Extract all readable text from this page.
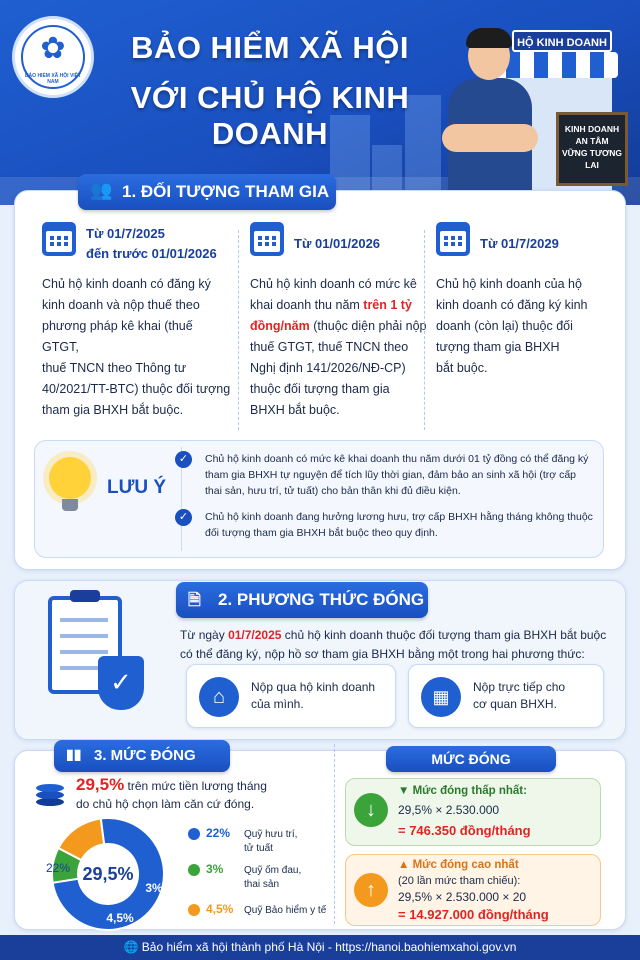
✿
BẢO HIỂM XÃ HỘI VIỆT NAM
BẢO HIỂM XÃ HỘI
VỚI CHỦ HỘ KINH DOANH
HỘ KINH DOANH
KINH DOANH
AN TÂM
VỮNG TƯƠNG LAI
👥 1. ĐỐI TƯỢNG THAM GIA
Từ 01/7/2025
đến trước 01/01/2026
Chủ hộ kinh doanh có đăng ký
kinh doanh và nộp thuế theo
phương pháp kê khai (thuế GTGT,
thuế TNCN theo Thông tư
40/2021/TT-BTC) thuộc đối tượng
tham gia BHXH bắt buộc.
Từ 01/01/2026
Chủ hộ kinh doanh có mức kê
khai doanh thu năm trên 1 tỷ
đồng/năm (thuộc diện phải nộp
thuế GTGT, thuế TNCN theo
Nghị định 141/2026/NĐ-CP)
thuộc đối tượng tham gia
BHXH bắt buộc.
Từ 01/7/2029
Chủ hộ kinh doanh của hộ
kinh doanh có đăng ký kinh
doanh (còn lại) thuộc đối
tượng tham gia BHXH
bắt buộc.
LƯU Ý
✓	Chủ hộ kinh doanh có mức kê khai doanh thu năm dưới 01 tỷ đồng có thể đăng ký
tham gia BHXH tự nguyện để tích lũy thời gian, đảm bảo an sinh xã hội (trợ cấp
thai sản, hưu trí, tử tuất) cho bản thân khi đủ điều kiện.
✓	Chủ hộ kinh doanh đang hưởng lương hưu, trợ cấp BHXH hằng tháng không thuộc
đối tượng tham gia BHXH bắt buộc theo quy định.
✓
🗎 2. PHƯƠNG THỨC ĐÓNG
Từ ngày 01/7/2025 chủ hộ kinh doanh thuộc đối tượng tham gia BHXH bắt buộc
có thể đăng ký, nộp hồ sơ tham gia BHXH bằng một trong hai phương thức:
⌂	Nộp qua hộ kinh doanh
của mình.	▦	Nộp trực tiếp cho
cơ quan BHXH.
▮▮ 3. MỨC ĐÓNG
29,5% trên mức tiền lương tháng
do chủ hộ chọn làm căn cứ đóng.
29,5%
22%
3%
4,5%
22% Quỹ hưu trí,
tử tuất
3% Quỹ ốm đau,
thai sản
4,5% Quỹ Bảo hiểm y tế
MỨC ĐÓNG
↓
▼ Mức đóng thấp nhất:
29,5% × 2.530.000
= 746.350 đồng/tháng
↑
▲ Mức đóng cao nhất
(20 lần mức tham chiếu):
29,5% × 2.530.000 × 20
= 14.927.000 đồng/tháng
🌐 Bảo hiểm xã hội thành phố Hà Nội - https://hanoi.baohiemxahoi.gov.vn
